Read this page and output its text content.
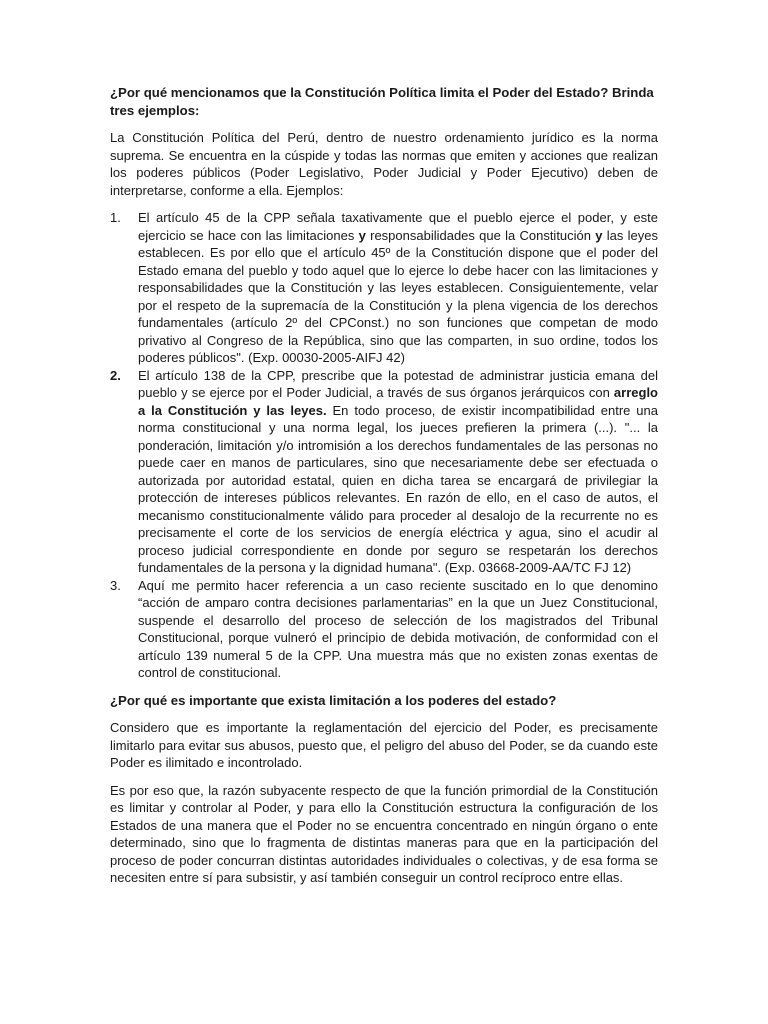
¿Por qué mencionamos que la Constitución Política limita el Poder del Estado? Brinda tres ejemplos:

La Constitución Política del Perú, dentro de nuestro ordenamiento jurídico es la norma suprema. Se encuentra en la cúspide y todas las normas que emiten y acciones que realizan los poderes públicos (Poder Legislativo, Poder Judicial y Poder Ejecutivo) deben de interpretarse, conforme a ella. Ejemplos:

1. El artículo 45 de la CPP señala taxativamente que el pueblo ejerce el poder, y este ejercicio se hace con las limitaciones y responsabilidades que la Constitución y las leyes establecen. Es por ello que el artículo 45º de la Constitución dispone que el poder del Estado emana del pueblo y todo aquel que lo ejerce lo debe hacer con las limitaciones y responsabilidades que la Constitución y las leyes establecen. Consiguientemente, velar por el respeto de la supremacía de la Constitución y la plena vigencia de los derechos fundamentales (artículo 2º del CPConst.) no son funciones que competan de modo privativo al Congreso de la República, sino que las comparten, in suo ordine, todos los poderes públicos". (Exp. 00030-2005-AIFJ 42)
2. El artículo 138 de la CPP, prescribe que la potestad de administrar justicia emana del pueblo y se ejerce por el Poder Judicial, a través de sus órganos jerárquicos con arreglo a la Constitución y las leyes. En todo proceso, de existir incompatibilidad entre una norma constitucional y una norma legal, los jueces prefieren la primera (...). "... la ponderación, limitación y/o intromisión a los derechos fundamentales de las personas no puede caer en manos de particulares, sino que necesariamente debe ser efectuada o autorizada por autoridad estatal, quien en dicha tarea se encargará de privilegiar la protección de intereses públicos relevantes. En razón de ello, en el caso de autos, el mecanismo constitucionalmente válido para proceder al desalojo de la recurrente no es precisamente el corte de los servicios de energía eléctrica y agua, sino el acudir al proceso judicial correspondiente en donde por seguro se respetarán los derechos fundamentales de la persona y la dignidad humana". (Exp. 03668-2009-AA/TC FJ 12)
3. Aquí me permito hacer referencia a un caso reciente suscitado en lo que denomino “acción de amparo contra decisiones parlamentarias” en la que un Juez Constitucional, suspende el desarrollo del proceso de selección de los magistrados del Tribunal Constitucional, porque vulneró el principio de debida motivación, de conformidad con el artículo 139 numeral 5 de la CPP. Una muestra más que no existen zonas exentas de control de constitucional.

¿Por qué es importante que exista limitación a los poderes del estado?

Considero que es importante la reglamentación del ejercicio del Poder, es precisamente limitarlo para evitar sus abusos, puesto que, el peligro del abuso del Poder, se da cuando este Poder es ilimitado e incontrolado.

Es por eso que, la razón subyacente respecto de que la función primordial de la Constitución es limitar y controlar al Poder, y para ello la Constitución estructura la configuración de los Estados de una manera que el Poder no se encuentra concentrado en ningún órgano o ente determinado, sino que lo fragmenta de distintas maneras para que en la participación del proceso de poder concurran distintas autoridades individuales o colectivas, y de esa forma se necesiten entre sí para subsistir, y así también conseguir un control recíproco entre ellas.
